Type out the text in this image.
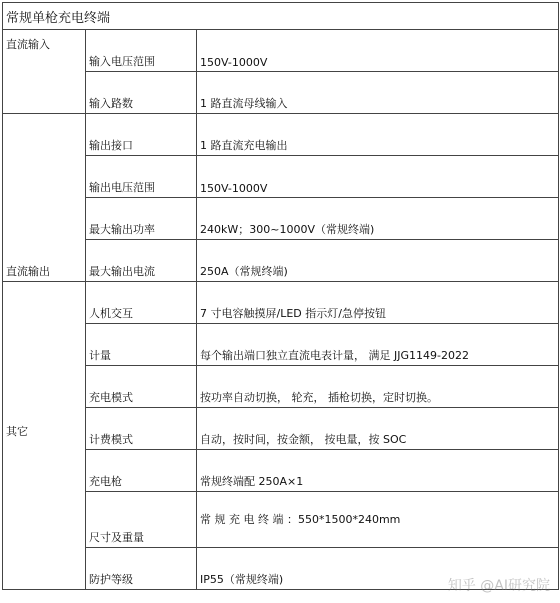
常规单枪充电终端		
直流输入	输入电压范围	150V-1000V
	输入路数	1 路直流母线输入
直流输出	输出接口	1 路直流充电输出
	输出电压范围	150V-1000V
	最大输出功率	240kW；300~1000V（常规终端)
	最大输出电流	250A（常规终端)
其它	人机交互	7 寸电容触摸屏/LED 指示灯/急停按钮
	计量	每个输出端口独立直流电表计量， 满足 JJG1149-2022
	充电模式	按功率自动切换， 轮充， 插枪切换，定时切换。
	计费模式	自动，按时间，按金额， 按电量，按 SOC
	充电枪	常规终端配 250A×1
	尺寸及重量	常 规 充 电 终 端 ：550*1500*240mm
	防护等级	IP55（常规终端)	知乎 @AI研究院
